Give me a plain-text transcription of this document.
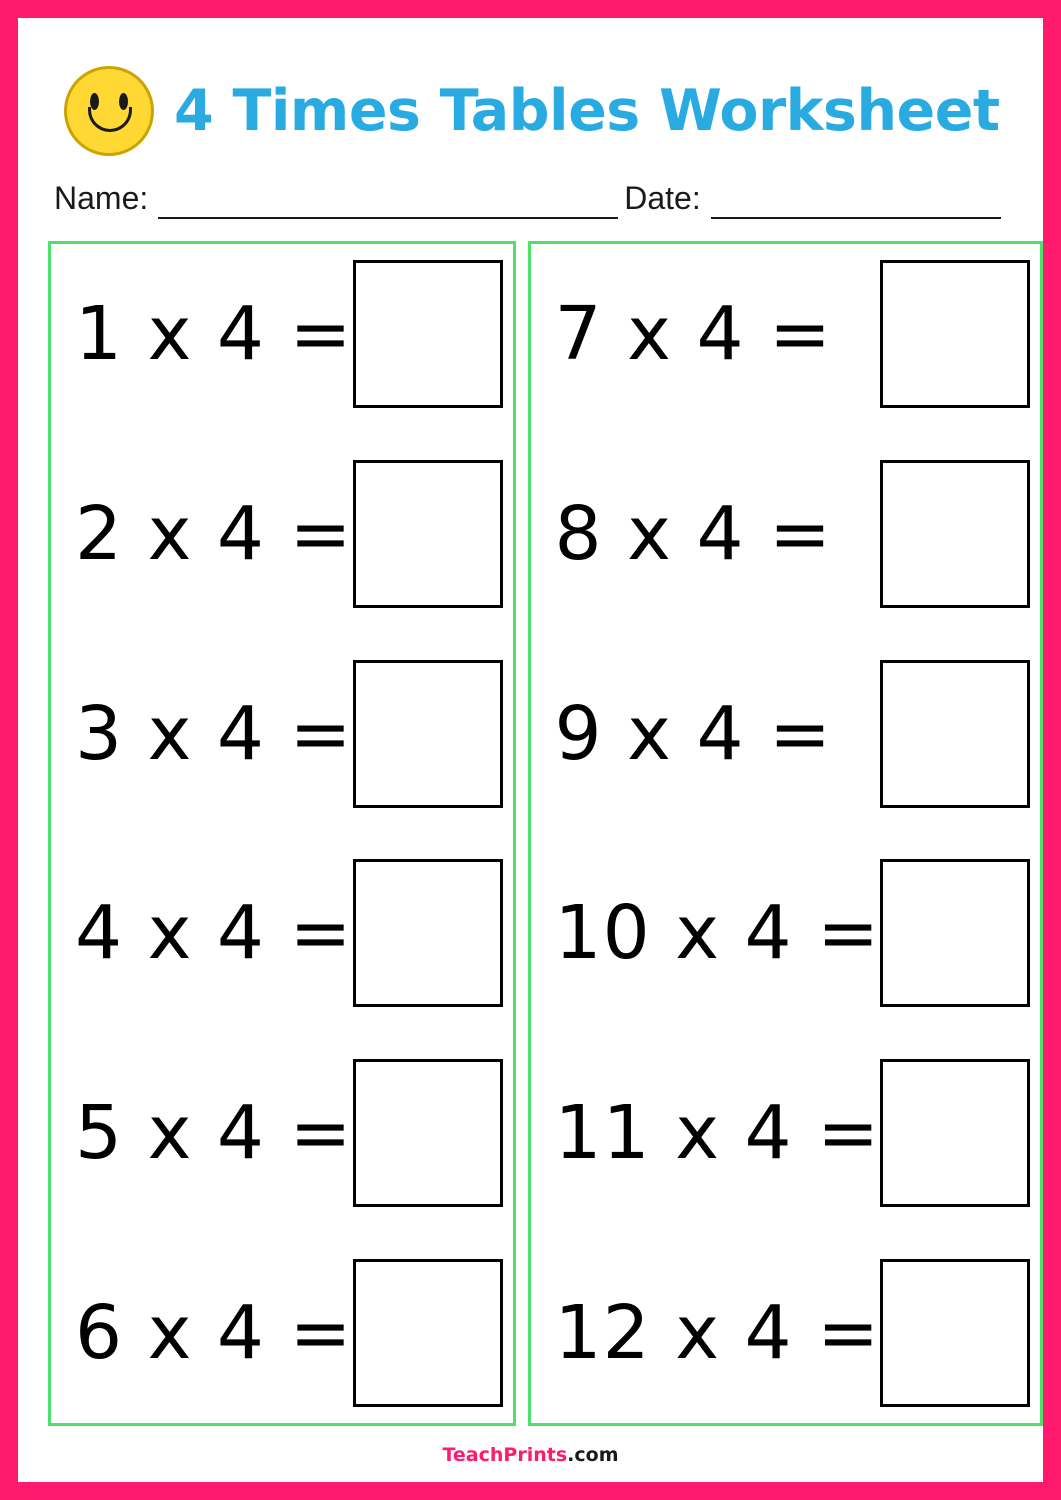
4 Times Tables Worksheet
Name:	Date:
1 x 4 =
2 x 4 =
3 x 4 =
4 x 4 =
5 x 4 =
6 x 4 =
7 x 4 =
8 x 4 =
9 x 4 =
10 x 4 =
11 x 4 =
12 x 4 =
TeachPrints.com
